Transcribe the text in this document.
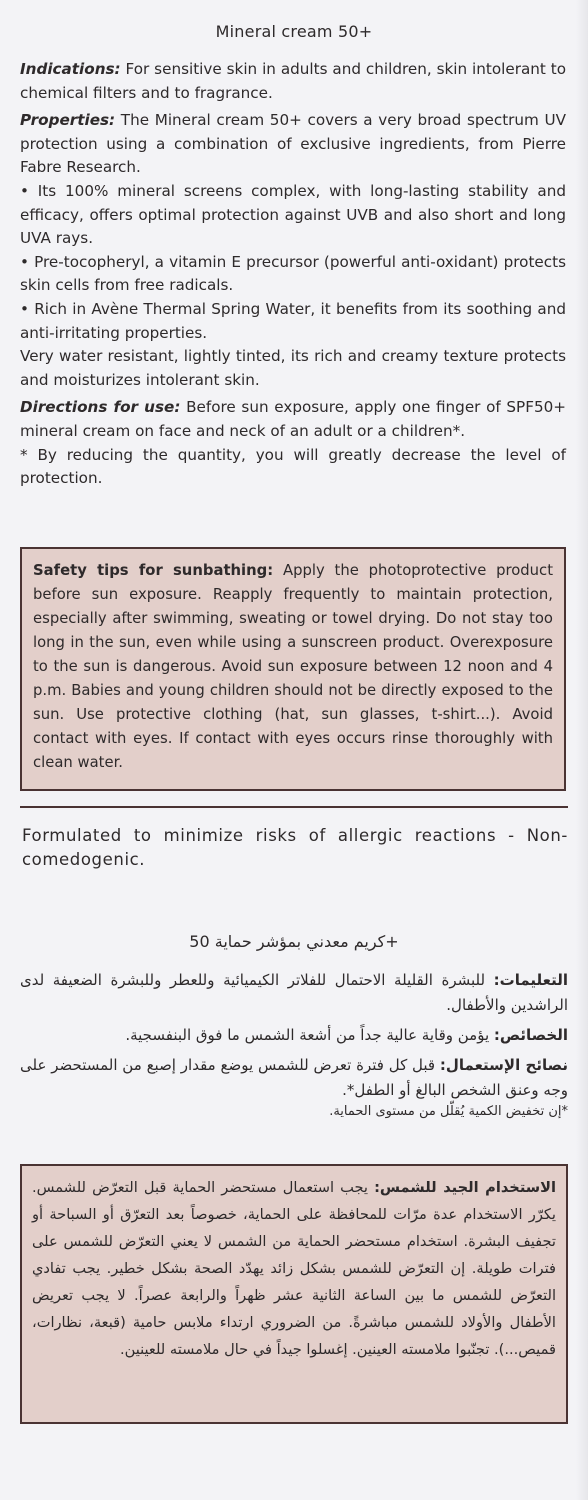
Mineral cream 50+

Indications: For sensitive skin in adults and children, skin intolerant to chemical filters and to fragrance.

Properties: The Mineral cream 50+ covers a very broad spectrum UV protection using a combination of exclusive ingredients, from Pierre Fabre Research.

• Its 100% mineral screens complex, with long-lasting stability and efficacy, offers optimal protection against UVB and also short and long UVA rays.

• Pre-tocopheryl, a vitamin E precursor (powerful anti-oxidant) protects skin cells from free radicals.

• Rich in Avène Thermal Spring Water, it benefits from its soothing and anti-irritating properties.

Very water resistant, lightly tinted, its rich and creamy texture protects and moisturizes intolerant skin.

Directions for use: Before sun exposure, apply one finger of SPF50+ mineral cream on face and neck of an adult or a children*.

* By reducing the quantity, you will greatly decrease the level of protection.

Safety tips for sunbathing: Apply the photoprotective product before sun exposure. Reapply frequently to maintain protection, especially after swimming, sweating or towel drying. Do not stay too long in the sun, even while using a sunscreen product. Overexposure to the sun is dangerous. Avoid sun exposure between 12 noon and 4 p.m. Babies and young children should not be directly exposed to the sun. Use protective clothing (hat, sun glasses, t-shirt...). Avoid contact with eyes. If contact with eyes occurs rinse thoroughly with clean water.
Formulated to minimize risks of allergic reactions - Non-comedogenic.
كريم معدني بمؤشر حماية 50+

التعليمات: للبشرة القليلة الاحتمال للفلاتر الكيميائية وللعطر وللبشرة الضعيفة لدى الراشدين والأطفال.

الخصائص: يؤمن وقاية عالية جداً من أشعة الشمس ما فوق البنفسجية.

نصائح الإستعمال: قبل كل فترة تعرض للشمس يوضع مقدار إصبع من المستحضر على وجه وعنق الشخص البالغ أو الطفل*.

*إن تخفيض الكمية يُقلّل من مستوى الحماية.

الاستخدام الجيد للشمس: يجب استعمال مستحضر الحماية قبل التعرّض للشمس. يكرّر الاستخدام عدة مرّات للمحافظة على الحماية، خصوصاً بعد التعرّق أو السباحة أو تجفيف البشرة. استخدام مستحضر الحماية من الشمس لا يعني التعرّض للشمس على فترات طويلة. إن التعرّض للشمس بشكل زائد يهدّد الصحة بشكل خطير. يجب تفادي التعرّض للشمس ما بين الساعة الثانية عشر ظهراً والرابعة عصراً. لا يجب تعريض الأطفال والأولاد للشمس مباشرةً. من الضروري ارتداء ملابس حامية (قبعة، نظارات، قميص...). تجنّبوا ملامسته العينين. إغسلوا جيداً في حال ملامسته للعينين.
